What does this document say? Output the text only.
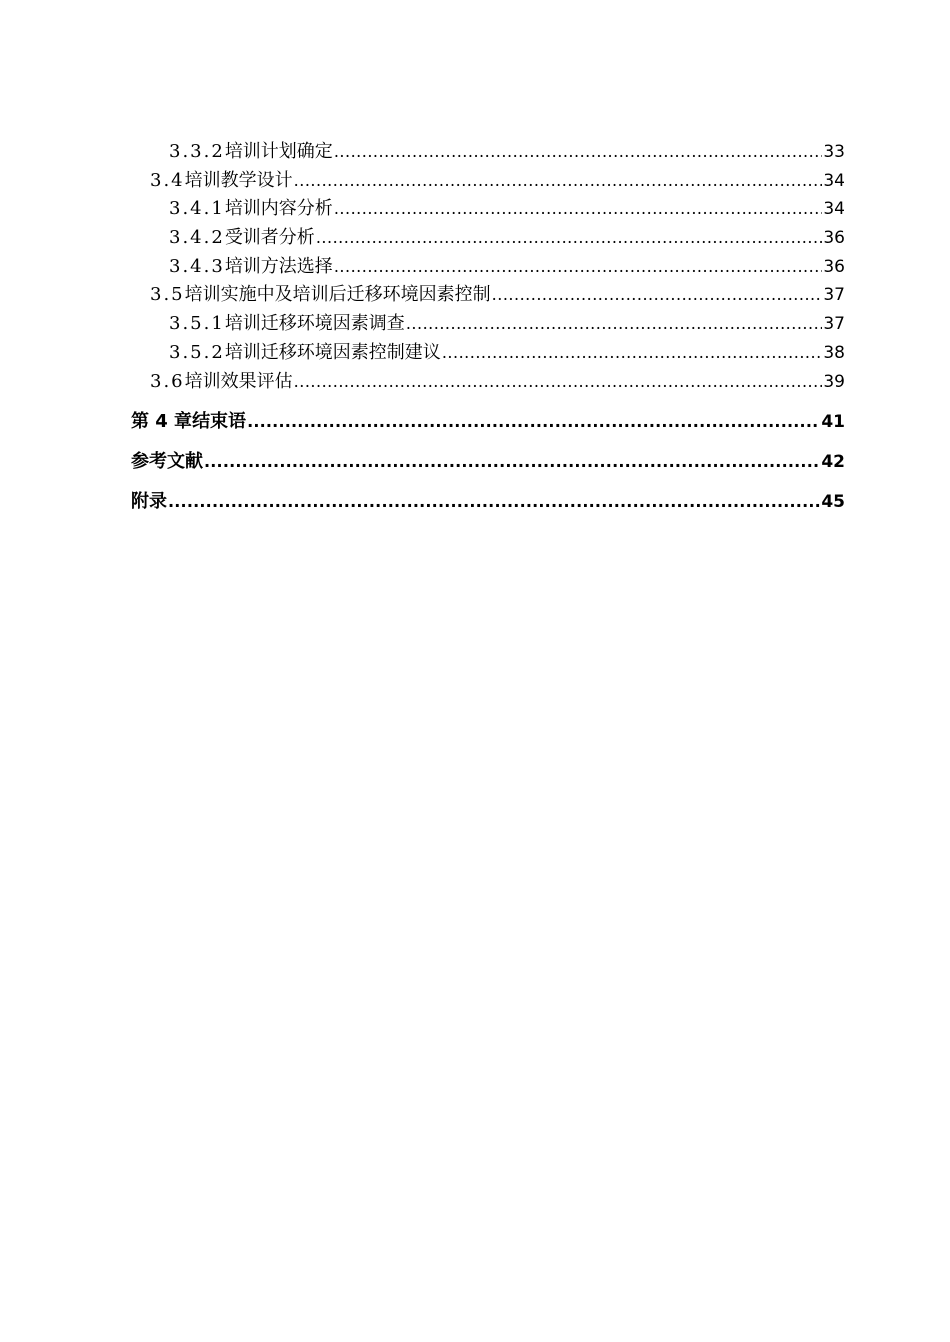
3.3.2 培训计划确定 .....	33
3.4 培训教学设计 .....	34
3.4.1 培训内容分析 .....	34
3.4.2 受训者分析 .....	36
3.4.3 培训方法选择 .....	36
3.5 培训实施中及培训后迁移环境因素控制 .....	37
3.5.1 培训迁移环境因素调查 .....	37
3.5.2 培训迁移环境因素控制建议 .....	38
3.6 培训效果评估 .....	39
第 4 章 结束语 .....	41
参考文献 .....	42
附录 .....	45
